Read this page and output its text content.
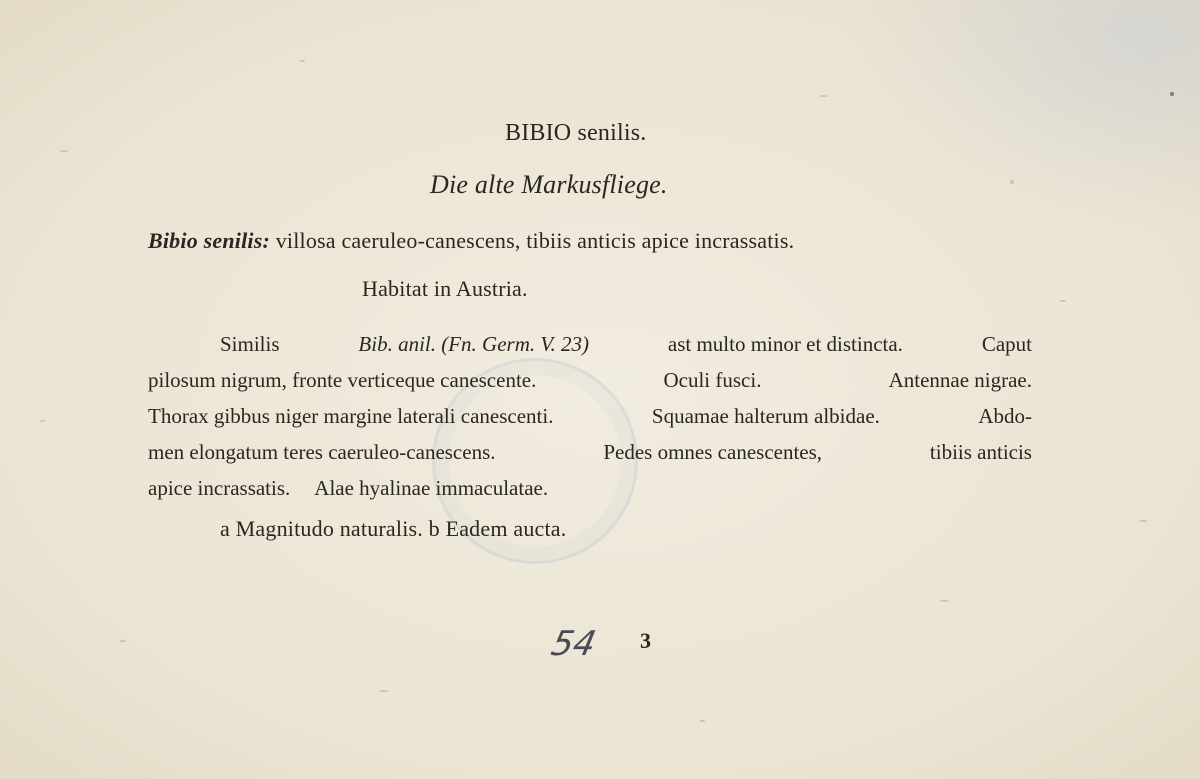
BIBIO senilis.
Die alte Markusfliege.
Bibio senilis: villosa caeruleo-canescens, tibiis anticis apice incrassatis.
Habitat in Austria.
Similis	Bib. anil. (Fn. Germ. V. 23)	ast multo minor et distincta.	Caput
pilosum nigrum, fronte verticeque canescente.	Oculi fusci.	Antennae nigrae.
Thorax gibbus niger margine laterali canescenti.	Squamae halterum albidae.	Abdo-
men elongatum teres caeruleo-canescens.	Pedes omnes canescentes,	tibiis anticis
apice incrassatis. Alae hyalinae immaculatae.
a Magnitudo naturalis. b Eadem aucta.
54 3
